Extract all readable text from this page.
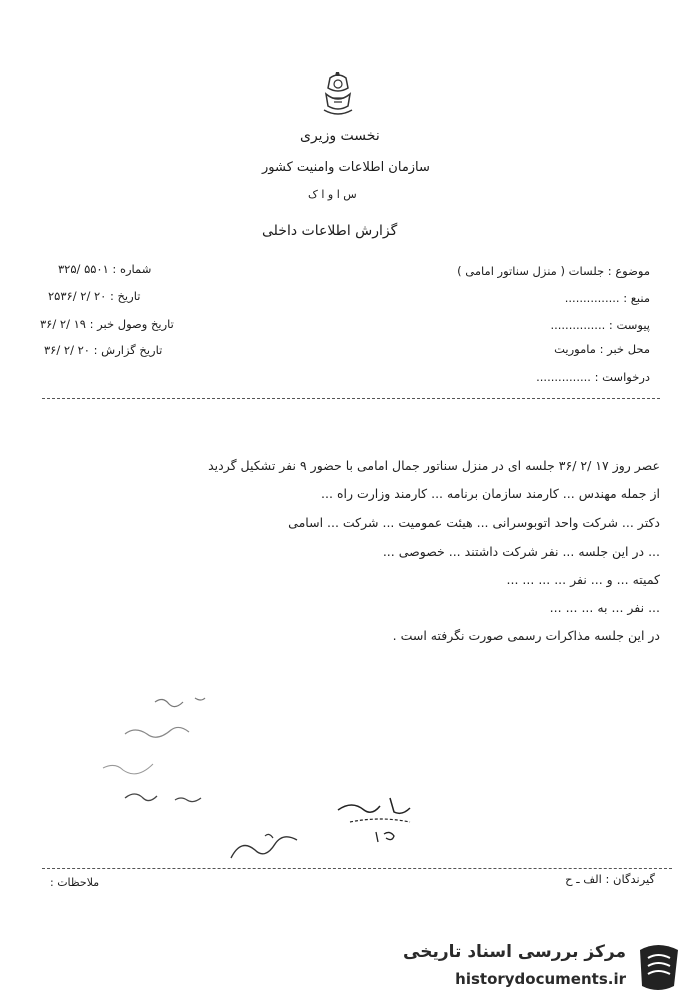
نخست وزیری
سازمان اطلاعات وامنیت کشور
س ا و ا ک
گزارش اطلاعات داخلی
شماره : ۵۵۰۱ /۳۲۵
تاریخ : ۲۰ /۲ /۲۵۳۶
تاریخ وصول خبر : ۱۹ /۲ /۳۶
تاریخ گزارش : ۲۰ /۲ /۳۶
موضوع : جلسات ( منزل سناتور امامی )
منبع : ...............
پیوست : ...............
محل خبر : ماموریت
درخواست : ...............
عصر روز ۱۷ /۲ /۳۶ جلسه ای در منزل سناتور جمال امامی با حضور ۹ نفر تشکیل گردید
از جمله مهندس ... کارمند سازمان برنامه ... کارمند وزارت راه ...
دکتر ... شرکت واحد اتوبوسرانی ... هیئت عمومیت ... شرکت ... اسامی
... در این جلسه ... نفر شرکت داشتند ... خصوصی ...
کمیته ... و ... نفر ... ... ... ...
... نفر ... به ... ... ...
در این جلسه مذاکرات رسمی صورت نگرفته است .
گیرندگان : الف ـ ح
ملاحظات :
مرکز بررسی اسناد تاریخی
historydocuments.ir
